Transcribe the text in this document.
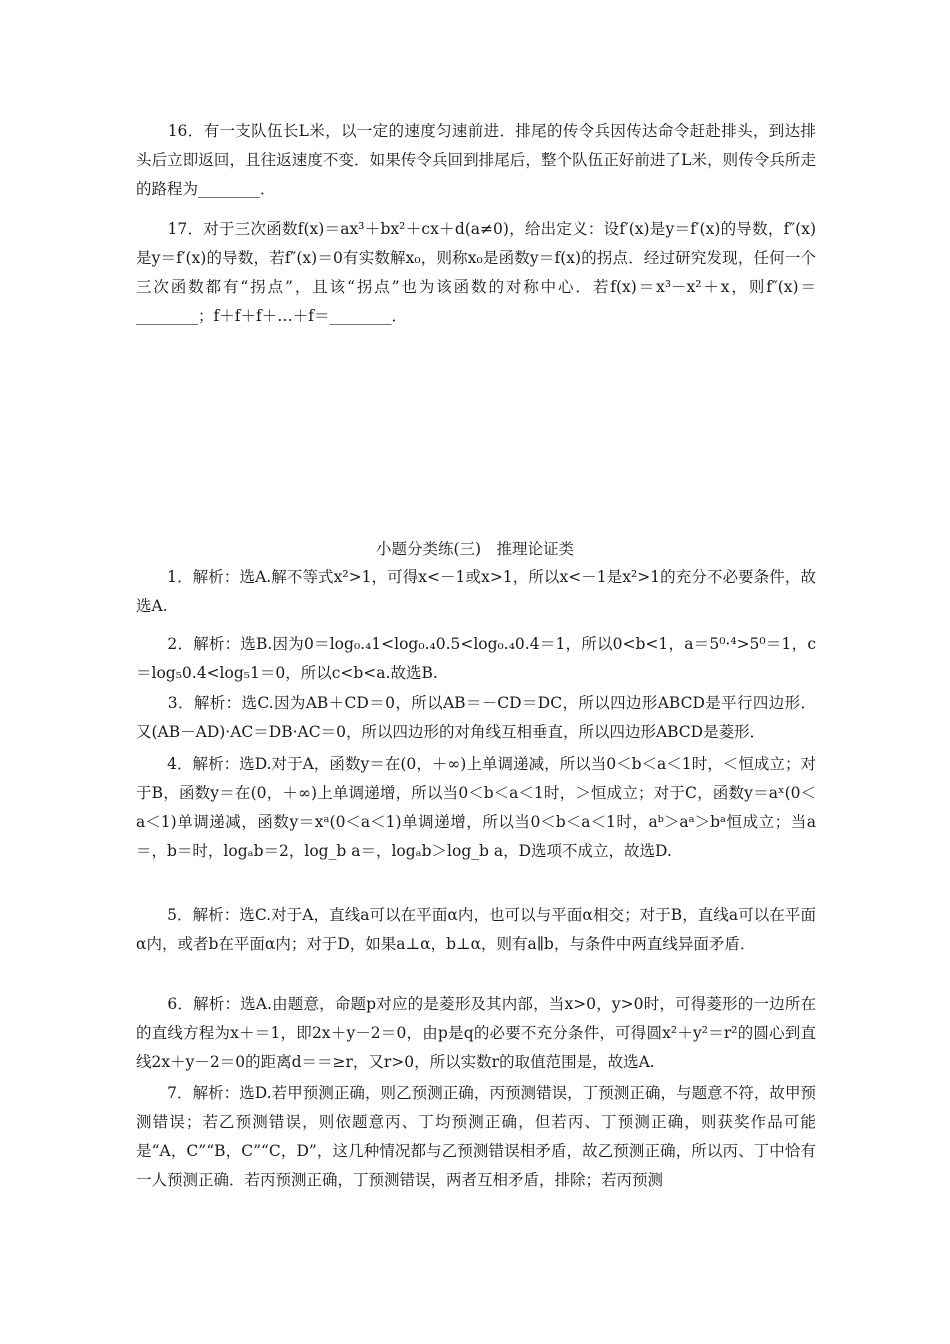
　　16．有一支队伍长L米，以一定的速度匀速前进．排尾的传令兵因传达命令赶赴排头，到达排头后立即返回，且往返速度不变．如果传令兵回到排尾后，整个队伍正好前进了L米，则传令兵所走的路程为________．

　　17．对于三次函数f(x)＝ax³＋bx²＋cx＋d(a≠0)，给出定义：设f′(x)是y＝f′(x)的导数，f″(x)是y＝f′(x)的导数，若f″(x)＝0有实数解x₀，则称x₀是函数y＝f(x)的拐点．经过研究发现，任何一个三次函数都有“拐点”，且该“拐点”也为该函数的对称中心．若f(x)＝x³－x²＋x，则f″(x)＝________；f＋f＋f＋…＋f＝________．

小题分类练(三)　推理论证类

　　1．解析：选A.解不等式x²>1，可得x<－1或x>1，所以x<－1是x²>1的充分不必要条件，故选A.

　　2．解析：选B.因为0＝log₀.₄1<log₀.₄0.5<log₀.₄0.4＝1，所以0<b<1，a＝5⁰·⁴>5⁰＝1，c＝log₅0.4<log₅1＝0，所以c<b<a.故选B.

　　3．解析：选C.因为AB＋CD＝0，所以AB＝－CD＝DC，所以四边形ABCD是平行四边形．又(AB－AD)·AC＝DB·AC＝0，所以四边形的对角线互相垂直，所以四边形ABCD是菱形．

　　4．解析：选D.对于A，函数y＝在(0，＋∞)上单调递减，所以当0＜b＜a＜1时，＜恒成立；对于B，函数y＝在(0，＋∞)上单调递增，所以当0＜b＜a＜1时，＞恒成立；对于C，函数y＝aˣ(0＜a＜1)单调递减，函数y＝xᵃ(0＜a＜1)单调递增，所以当0＜b＜a＜1时，aᵇ＞aᵃ＞bᵃ恒成立；当a＝，b＝时，logₐb＝2，log_b a＝，logₐb＞log_b a，D选项不成立，故选D.

　　5．解析：选C.对于A，直线a可以在平面α内，也可以与平面α相交；对于B，直线a可以在平面α内，或者b在平面α内；对于D，如果a⊥α，b⊥α，则有a∥b，与条件中两直线异面矛盾．

　　6．解析：选A.由题意，命题p对应的是菱形及其内部，当x>0，y>0时，可得菱形的一边所在的直线方程为x＋＝1，即2x＋y－2＝0，由p是q的必要不充分条件，可得圆x²＋y²＝r²的圆心到直线2x＋y－2＝0的距离d＝＝≥r，又r>0，所以实数r的取值范围是，故选A.

　　7．解析：选D.若甲预测正确，则乙预测正确，丙预测错误，丁预测正确，与题意不符，故甲预测错误；若乙预测错误，则依题意丙、丁均预测正确，但若丙、丁预测正确，则获奖作品可能是“A，C”“B，C”“C，D”，这几种情况都与乙预测错误相矛盾，故乙预测正确，所以丙、丁中恰有一人预测正确．若丙预测正确，丁预测错误，两者互相矛盾，排除；若丙预测
